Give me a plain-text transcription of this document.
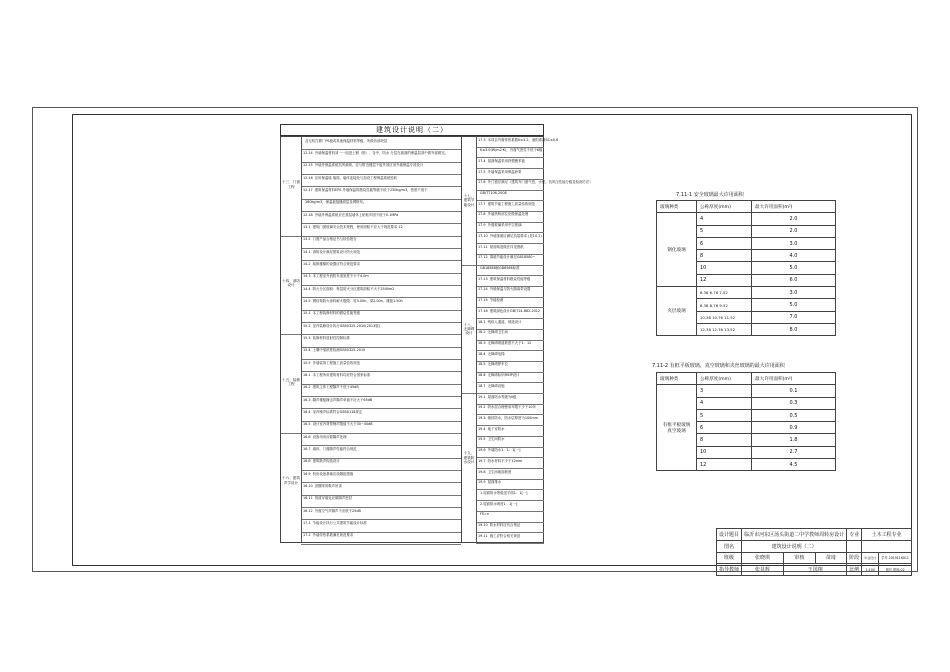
建筑设计说明（二）
及无机打磨厂PS板或其他保温材料等级，所做各部块层
12.14 外墙保温材料须一一前进上钢（筋）、各中，防水 分层在墙面的保温层须中做外部做完。
12.15 外墙外保温系统抗风载荷，应与附近楼层干板外部应用外墙保温专项设计
12.16 应用保温墙 墙面、墙体连接处与加设工程保温系统验收
12.17 建筑保温材料EPS 外墙保温的燃烧性能等级不低于250kg/m3，密度不低于
180kg/m3，保温板接缝面层及网格布。
12.18 外墙外保温系统应在基层墙体上粘贴牢固不低于0.1MPa
13.1 建筑门窗玻璃安全技术规程，使用面积不应大于规范要求 12
13.2 门窗产品合格证书与检验报告
14.1 消防设计满足建筑设计防火规范
14.2 疏散楼梯的设置应符合规范要求
14.3 本工程室外消防车道宽度不小于4.0m
14.4 防火分区面积：每层防火分区建筑面积不大于2500m2
14.5 钢结构防火涂料耐火极限：柱3.00h、梁2.00h、楼板1.50h
15.1 本工程装修材料的燃烧性能等级
15.2 室内装修设计执行GB50325-2010(2013版)
15.3 装修材料放射性控制标准
15.4 土壤中氡浓度检测GB50325-2010
15.5 外墙装饰工程施工质量验收规范
16.1 本工程所用建筑材料均应符合国家标准
16.2 建筑主体工程隔声不低于45dB
16.3 隔声楼板撞击声隔声单值不应大于65dB
16.4 室内噪声标准符合GB50118规定
16.5 设计室内背景噪声限值不大于30~40dB
16.6 设备用房应做隔声处理
16.7 墙体、门窗隔声性能符合规范
16.8 建筑吸声构造设计
16.9 机房设备基础应设隔振措施
16.10 顶棚采用吸声吊顶
16.11 管道穿墙处应做隔声密封
16.12 外窗空气声隔声不应低于25dB
17.1 节能设计执行公共建筑节能设计标准
17.2 外墙传热系数满足规范要求
十三、门窗工程
十四、消防设计
十五、装修工程
十六、建筑声学设计
17.3 本项目外窗传热系数K≤3.2，遮阳系数SC≤0.6
K≤3.0(W/m2·K)，外窗气密性不低于6级
17.4 屋面保温采用挤塑聚苯板
17.5 外墙保温采用保温砂浆
17.6 外门窗应满足《建筑外门窗气密、水密、抗风压性能分级及检测方法》
GB/T7106-2008
17.7 建筑节能工程施工质量验收规范
17.8 外墙热桥部位应做保温处理
17.9 外窗玻璃采用中空玻璃
17.10 外墙饰面应满足抗裂要求 (见10.2)
17.11 屋面构造做法详见图纸
17.12 幕墙节能设计满足GB18580~
GB18588和GB6566标准
17.13 建筑保温材料燃烧性能等级
17.14 外墙保温与防火隔离带设置
17.15 节能检测
17.16 建筑绿色设计GB/T14-882-2012
18.1 残疾人通道、坡道设计
18.2 无障碍卫生间
18.3 无障碍坡道坡度不大于1：12
18.4 无障碍电梯
18.5 无障碍停车位
18.6 无障碍标识MEIP设计
18.7 无障碍设施
19.1 屋面防水等级为Ⅱ级
19.2 防水层合理使用年限不少于10年
19.3 墙体防水，防水层厚度为100mm
19.4 地下室防水
19.5 卫生间防水
19.6 外墙防水1：1：1[一]
19.7 防水材料不少于12mm
19.8 卫生间地面坡度
19.9 屋面排水
1.屋面防水等级见平面1：1[一]
2.屋面排水坡度1：1[一]
FS=n
19.10 防水材料应有合格证
19.11 施工应符合相关规范
十七、建筑节能设计
十八、无障碍设计
十九、建筑防水设计
7.11-1 安全玻璃最大许用面积
玻璃种类	公称厚度(mm)	最大许用面积(m²)
钢化玻璃	4	2.0
	5	2.0
	6	3.0
	8	4.0
	10	5.0
	12	6.0
夹层玻璃	6.38 6.76 7.52	3.0
	8.38 8.76 9.52	5.0
	10.38 10.76 11.52	7.0
	12.38 12.76 13.52	8.0
7.11-2 有框平板玻璃、真空玻璃和夹丝玻璃的最大许用面积
玻璃种类	公称厚度(mm)	最大许用面积(m²)
有框平板玻璃 真空玻璃	3	0.1
	4	0.3
	5	0.5
	6	0.9
	8	1.8
	10	2.7
	12	4.5
设计题目	临沂市河东区汤头街道二中学教师周转房设计			专业	土木工程专业	
图名	建筑设计说明（二）					
班级	张晓琪	审核	苗琦	阶段	毕业设计	学号 2019116011
指导教师	张显辉	王国翔		比例	1:100	图号 建施-02
